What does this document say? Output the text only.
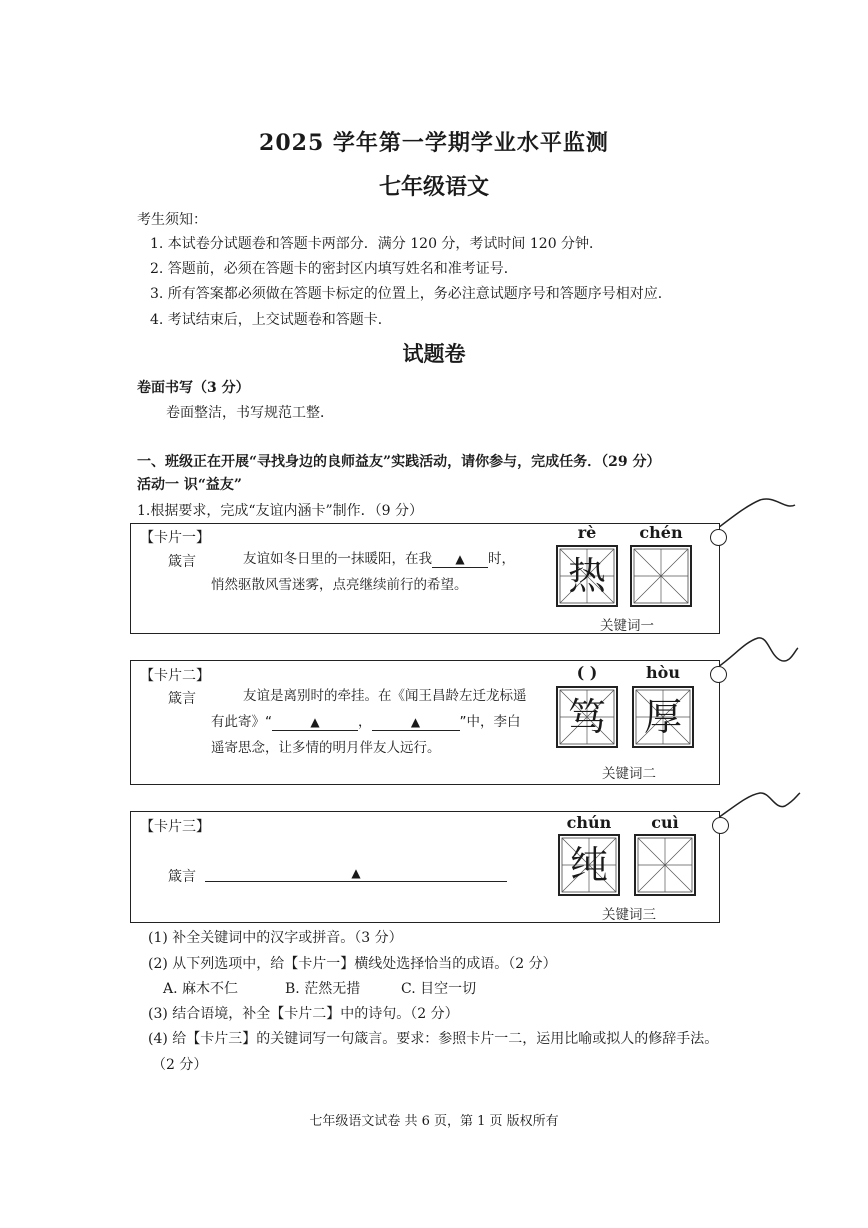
2025 学年第一学期学业水平监测
七年级语文
考生须知：
1. 本试卷分试题卷和答题卡两部分．满分 120 分，考试时间 120 分钟．
2. 答题前，必须在答题卡的密封区内填写姓名和准考证号．
3. 所有答案都必须做在答题卡标定的位置上，务必注意试题序号和答题序号相对应．
4. 考试结束后，上交试题卷和答题卡．
试题卷
卷面书写（3 分）
卷面整洁，书写规范工整．
一、班级正在开展“寻找身边的良师益友”实践活动，请你参与，完成任务．（29 分）
活动一 识“益友”
1.根据要求，完成“友谊内涵卡”制作．（9 分）
【卡片一】
箴言	友谊如冬日里的一抹暖阳，在我 ▲ 时，
悄然驱散风雪迷雾，点亮继续前行的希望。
rè	chén
热
关键词一
【卡片二】
箴言	友谊是离别时的牵挂。在《闻王昌龄左迁龙标遥
有此寄》“	▲	，	▲	”中，李白
遥寄思念，让多情的明月伴友人远行。
( )	hòu
笃 厚
关键词二
【卡片三】
箴言	▲
chún	cuì
纯
关键词三
(1) 补全关键词中的汉字或拼音。（3 分）
(2) 从下列选项中，给【卡片一】横线处选择恰当的成语。（2 分）
A. 麻木不仁	B. 茫然无措	C. 目空一切
(3) 结合语境，补全【卡片二】中的诗句。（2 分）
(4) 给【卡片三】的关键词写一句箴言。要求：参照卡片一二，运用比喻或拟人的修辞手法。
（2 分）
七年级语文试卷 共 6 页，第 1 页 版权所有
